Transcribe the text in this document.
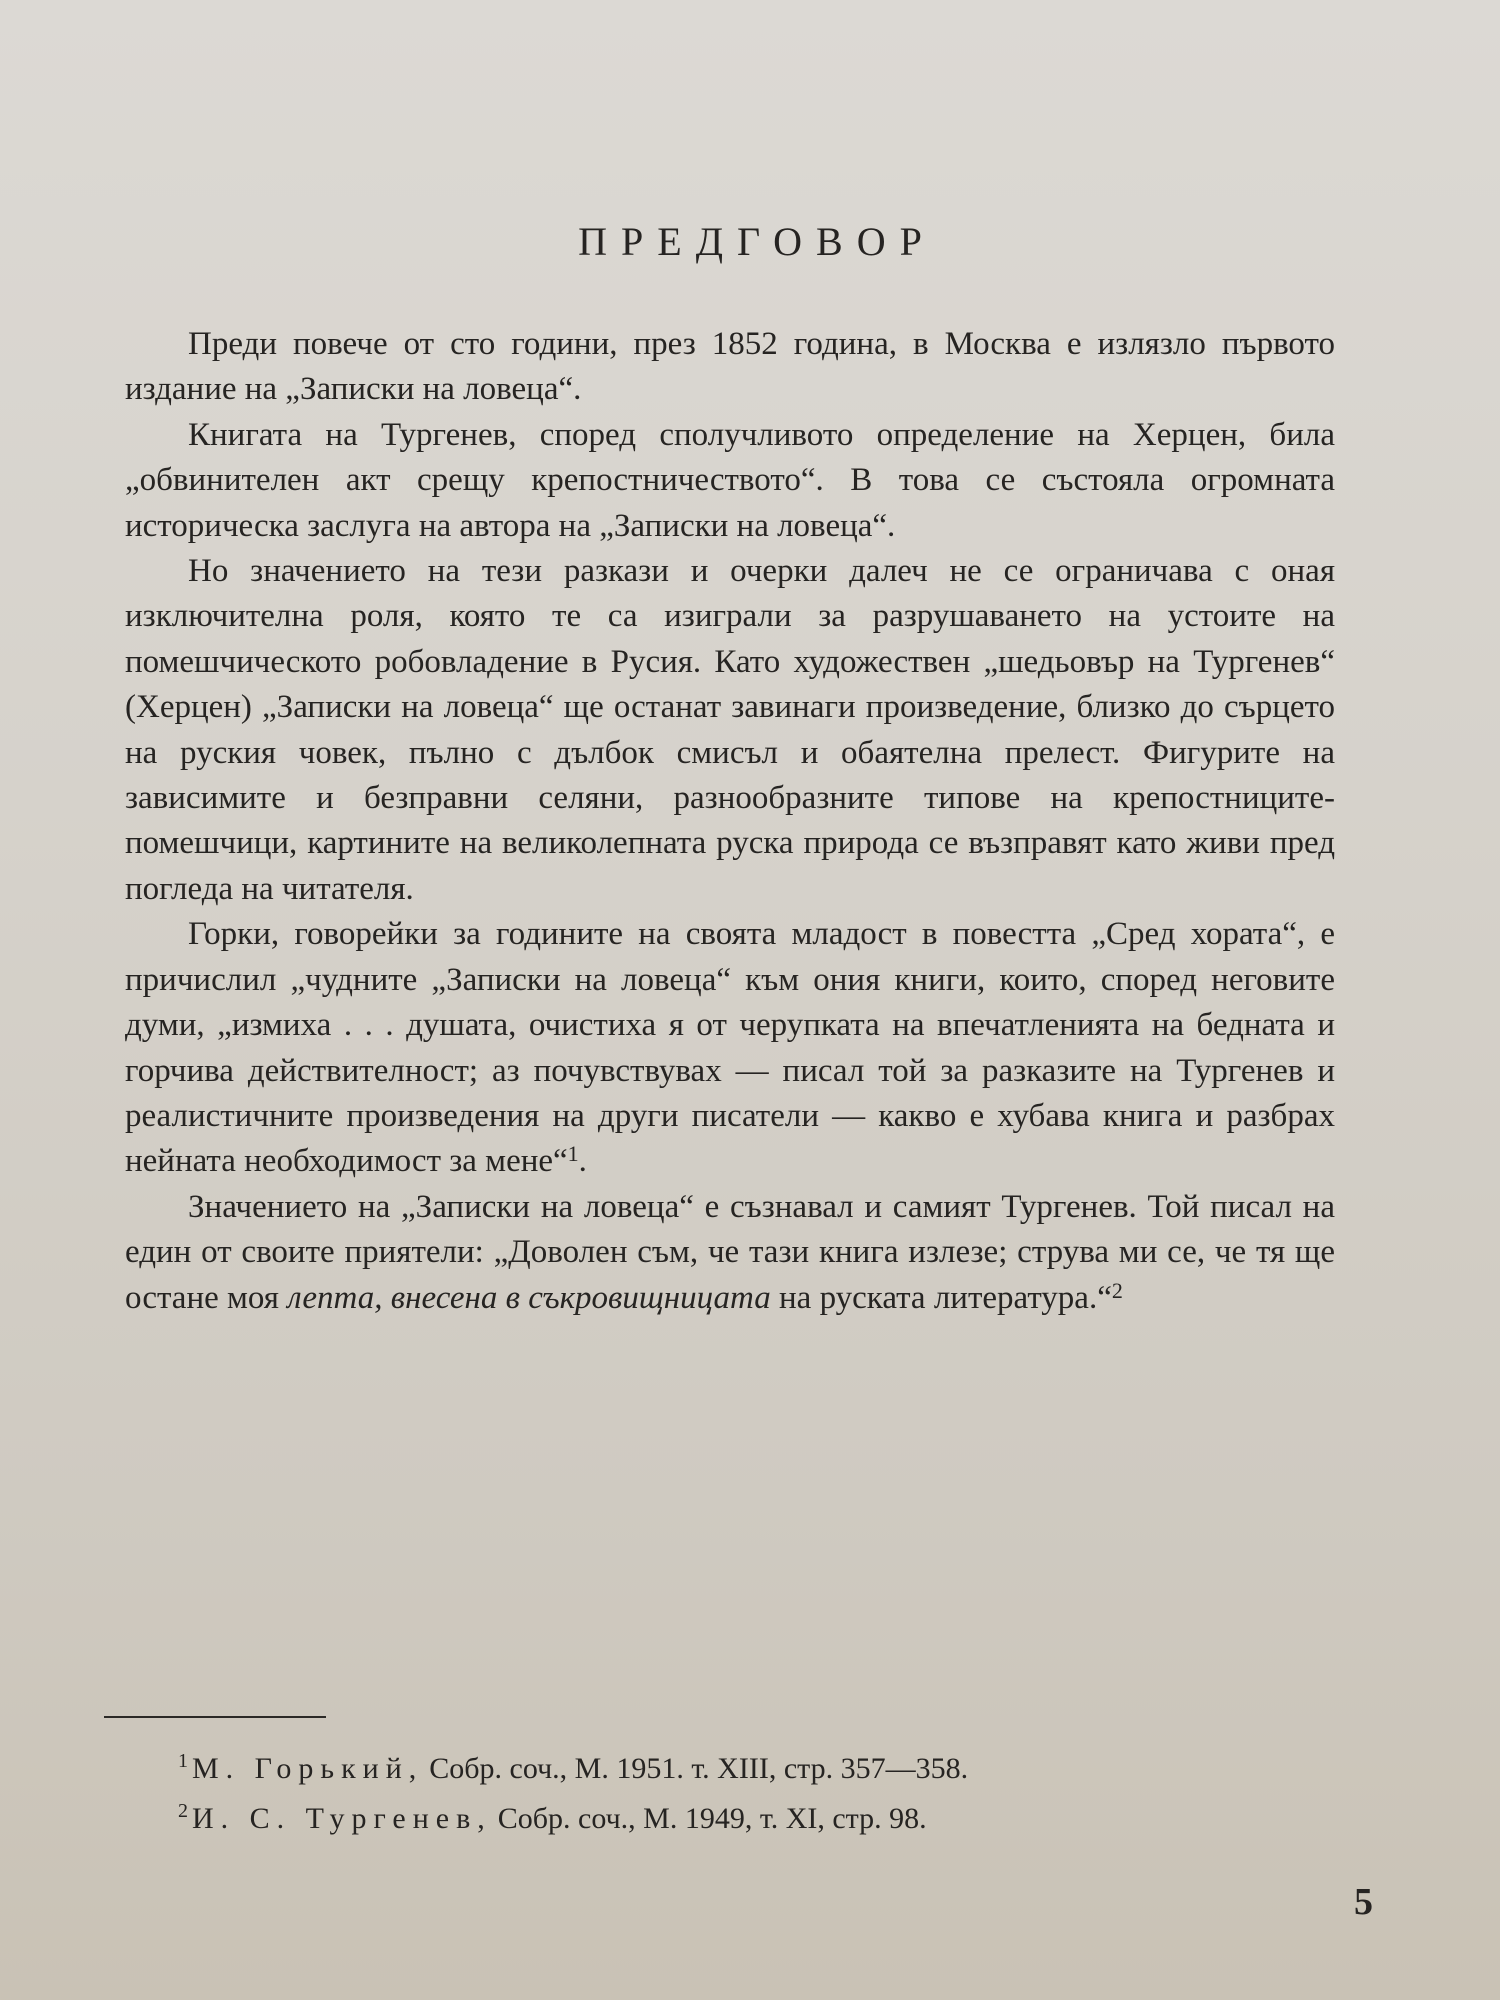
ПРЕДГОВОР

Преди повече от сто години, през 1852 година, в Москва е излязло първото издание на „Записки на ловеца“.

Книгата на Тургенев, според сполучливото определение на Херцен, била „обвинителен акт срещу крепостничеството“. В това се състояла огромната историческа заслуга на автора на „Записки на ловеца“.

Но значението на тези разкази и очерки далеч не се ограничава с оная изключителна роля, която те са изиграли за разрушаването на устоите на помешчическото робовладение в Русия. Като художествен „шедьовър на Тургенев“ (Херцен) „Записки на ловеца“ ще останат завинаги произведение, близко до сърцето на руския човек, пълно с дълбок смисъл и обаятелна прелест. Фигурите на зависимите и безправни селяни, разнообразните типове на крепостниците-помешчици, картините на великолепната руска природа се възправят като живи пред погледа на читателя.

Горки, говорейки за годините на своята младост в повестта „Сред хората“, е причислил „чудните „Записки на ловеца“ към ония книги, които, според неговите думи, „измиха . . . душата, очистиха я от черупката на впечатленията на бедната и горчива действителност; аз почувствувах — писал той за разказите на Тургенев и реалистичните произведения на други писатели — какво е хубава книга и разбрах нейната необходимост за мене“$^1$.

Значението на „Записки на ловеца“ е съзнавал и самият Тургенев. Той писал на един от своите приятели: „Доволен съм, че тази книга излезе; струва ми се, че тя ще остане моя лепта, внесена в съкровищницата на руската литература.“$^2$

$^1$ М. Горький, Собр. соч., М. 1951. т. XIII, стр. 357—358.
$^2$ И. С. Тургенев, Собр. соч., М. 1949, т. XI, стр. 98.
5
